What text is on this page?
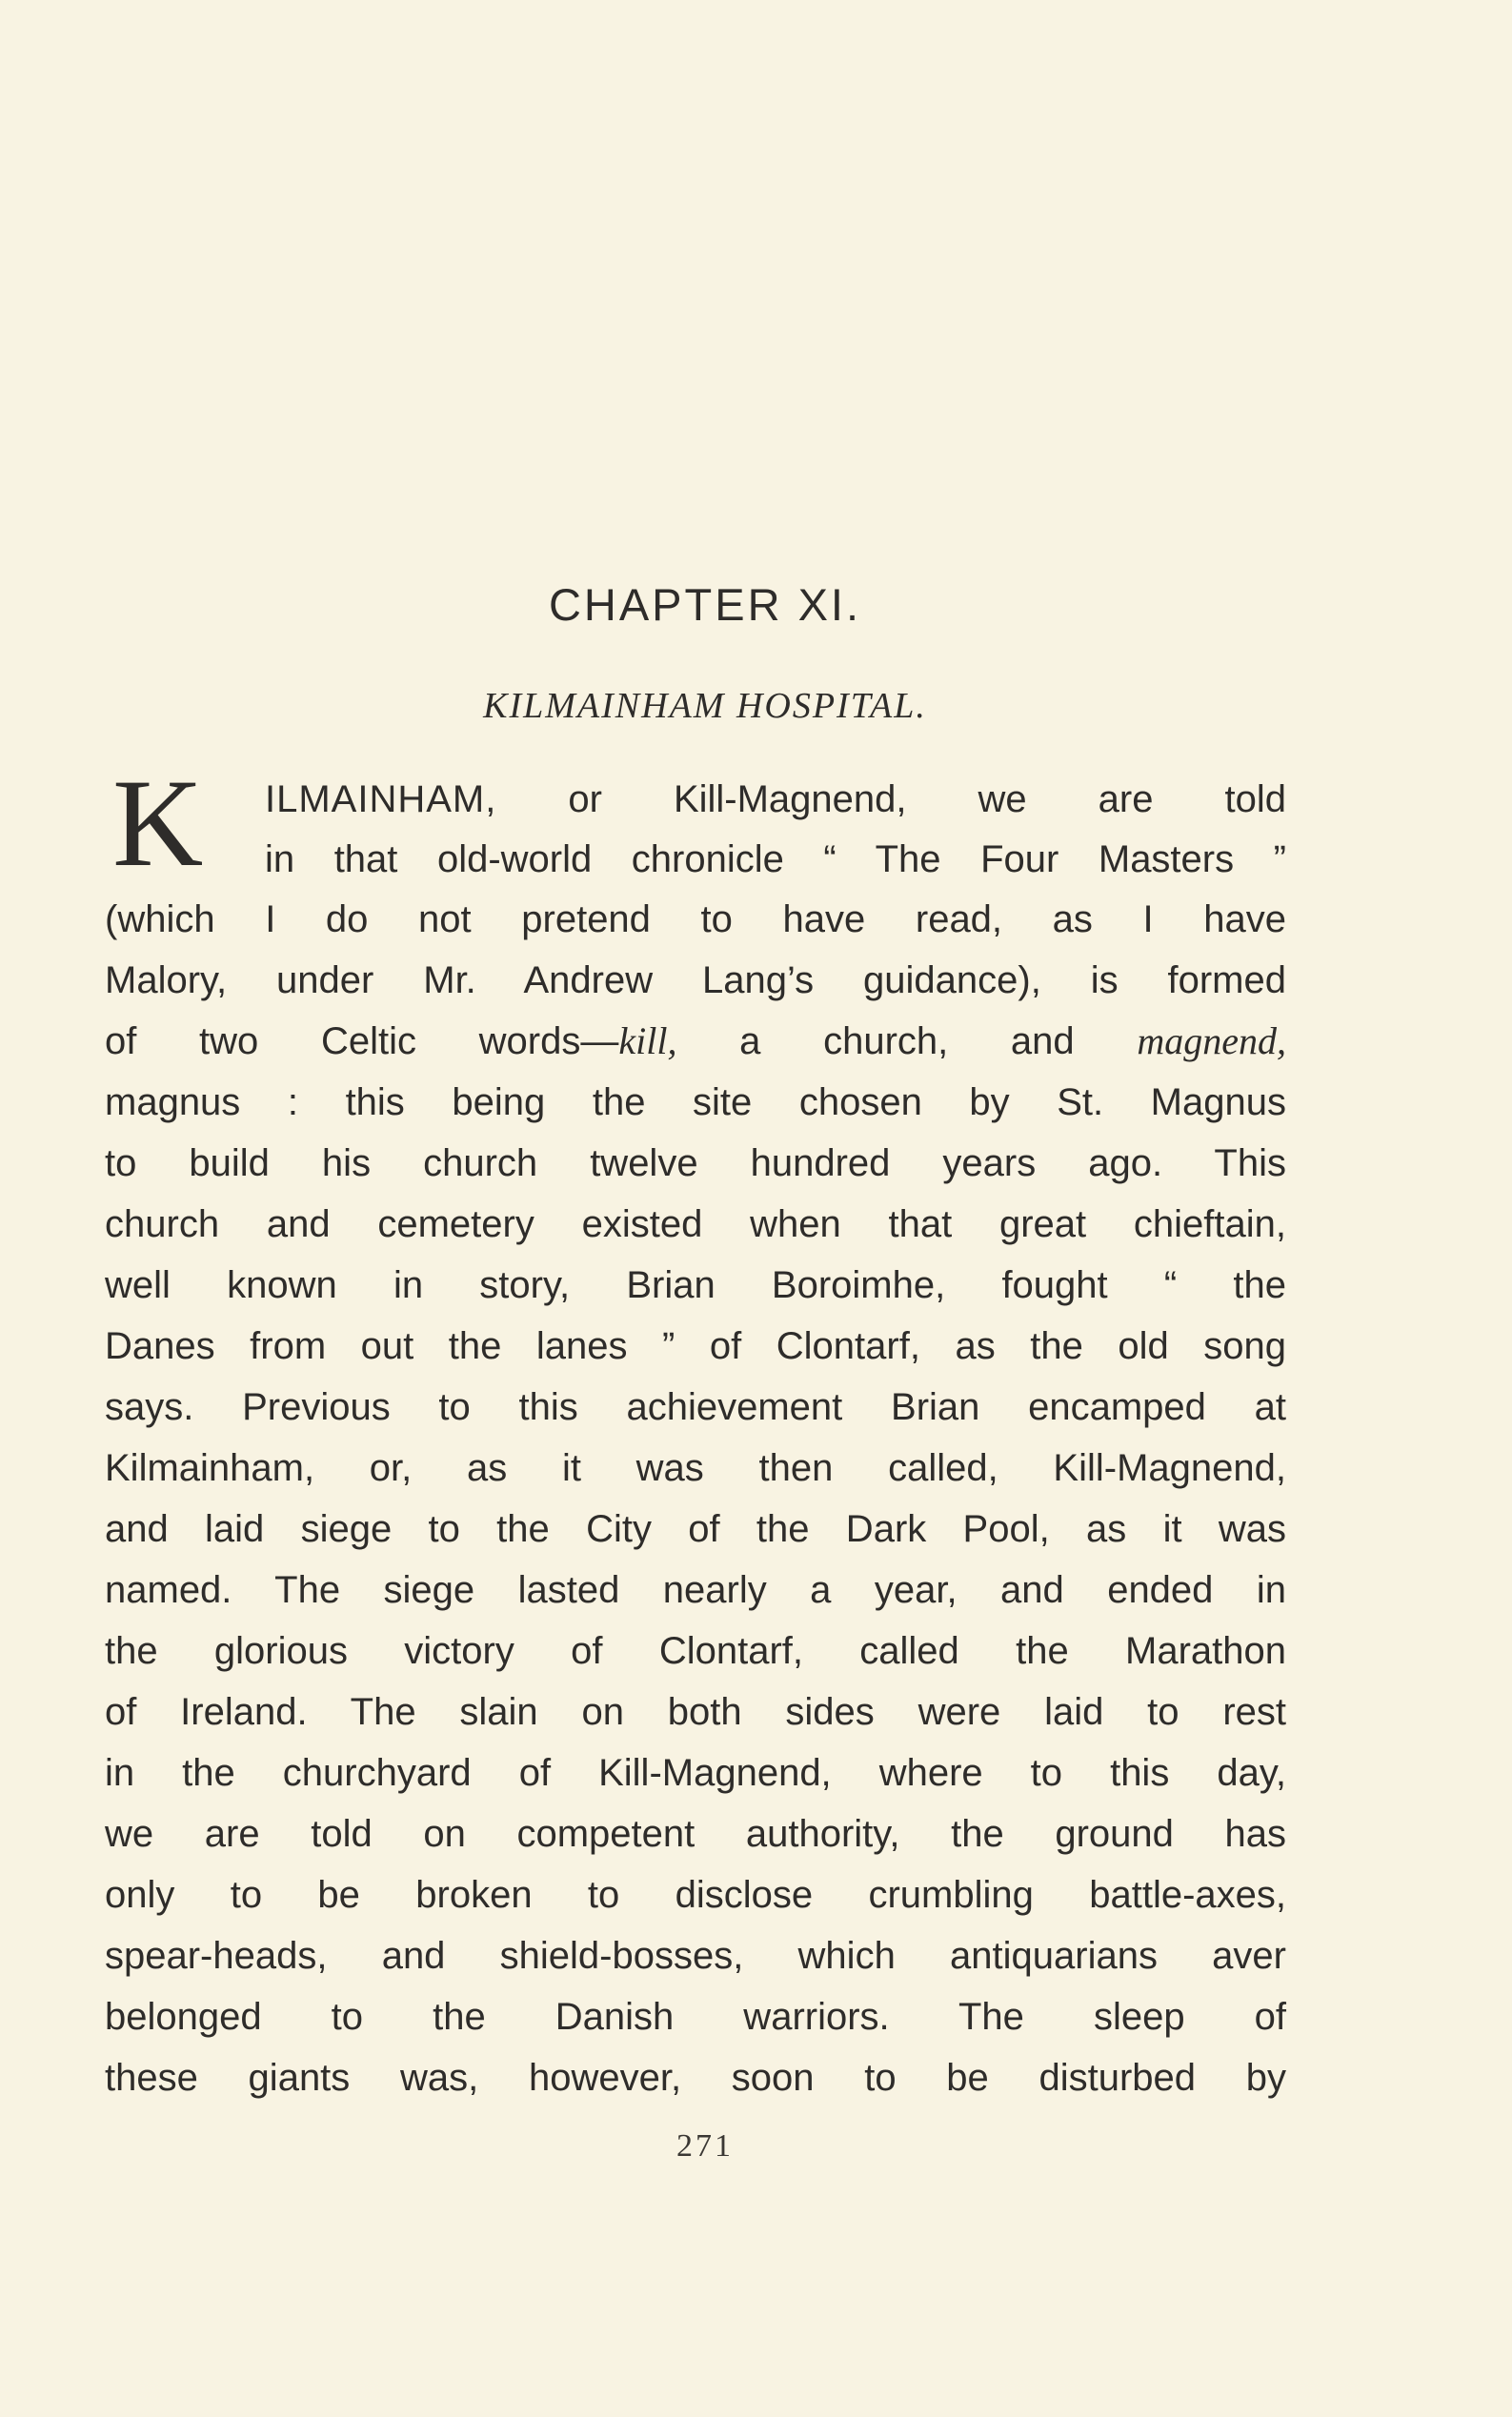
CHAPTER XI.
KILMAINHAM HOSPITAL.
K ILMAINHAM, or Kill-Magnend, we are told
in that old-world chronicle “ The Four Masters ”
(which I do not pretend to have read, as I have
Malory, under Mr. Andrew Lang’s guidance), is formed
of two Celtic words—kill, a church, and magnend,
magnus : this being the site chosen by St. Magnus
to build his church twelve hundred years ago. This
church and cemetery existed when that great chieftain,
well known in story, Brian Boroimhe, fought “ the
Danes from out the lanes ” of Clontarf, as the old song
says. Previous to this achievement Brian encamped at
Kilmainham, or, as it was then called, Kill-Magnend,
and laid siege to the City of the Dark Pool, as it was
named. The siege lasted nearly a year, and ended in
the glorious victory of Clontarf, called the Marathon
of Ireland. The slain on both sides were laid to rest
in the churchyard of Kill-Magnend, where to this day,
we are told on competent authority, the ground has
only to be broken to disclose crumbling battle-axes,
spear-heads, and shield-bosses, which antiquarians aver
belonged to the Danish warriors. The sleep of
these giants was, however, soon to be disturbed by
271
